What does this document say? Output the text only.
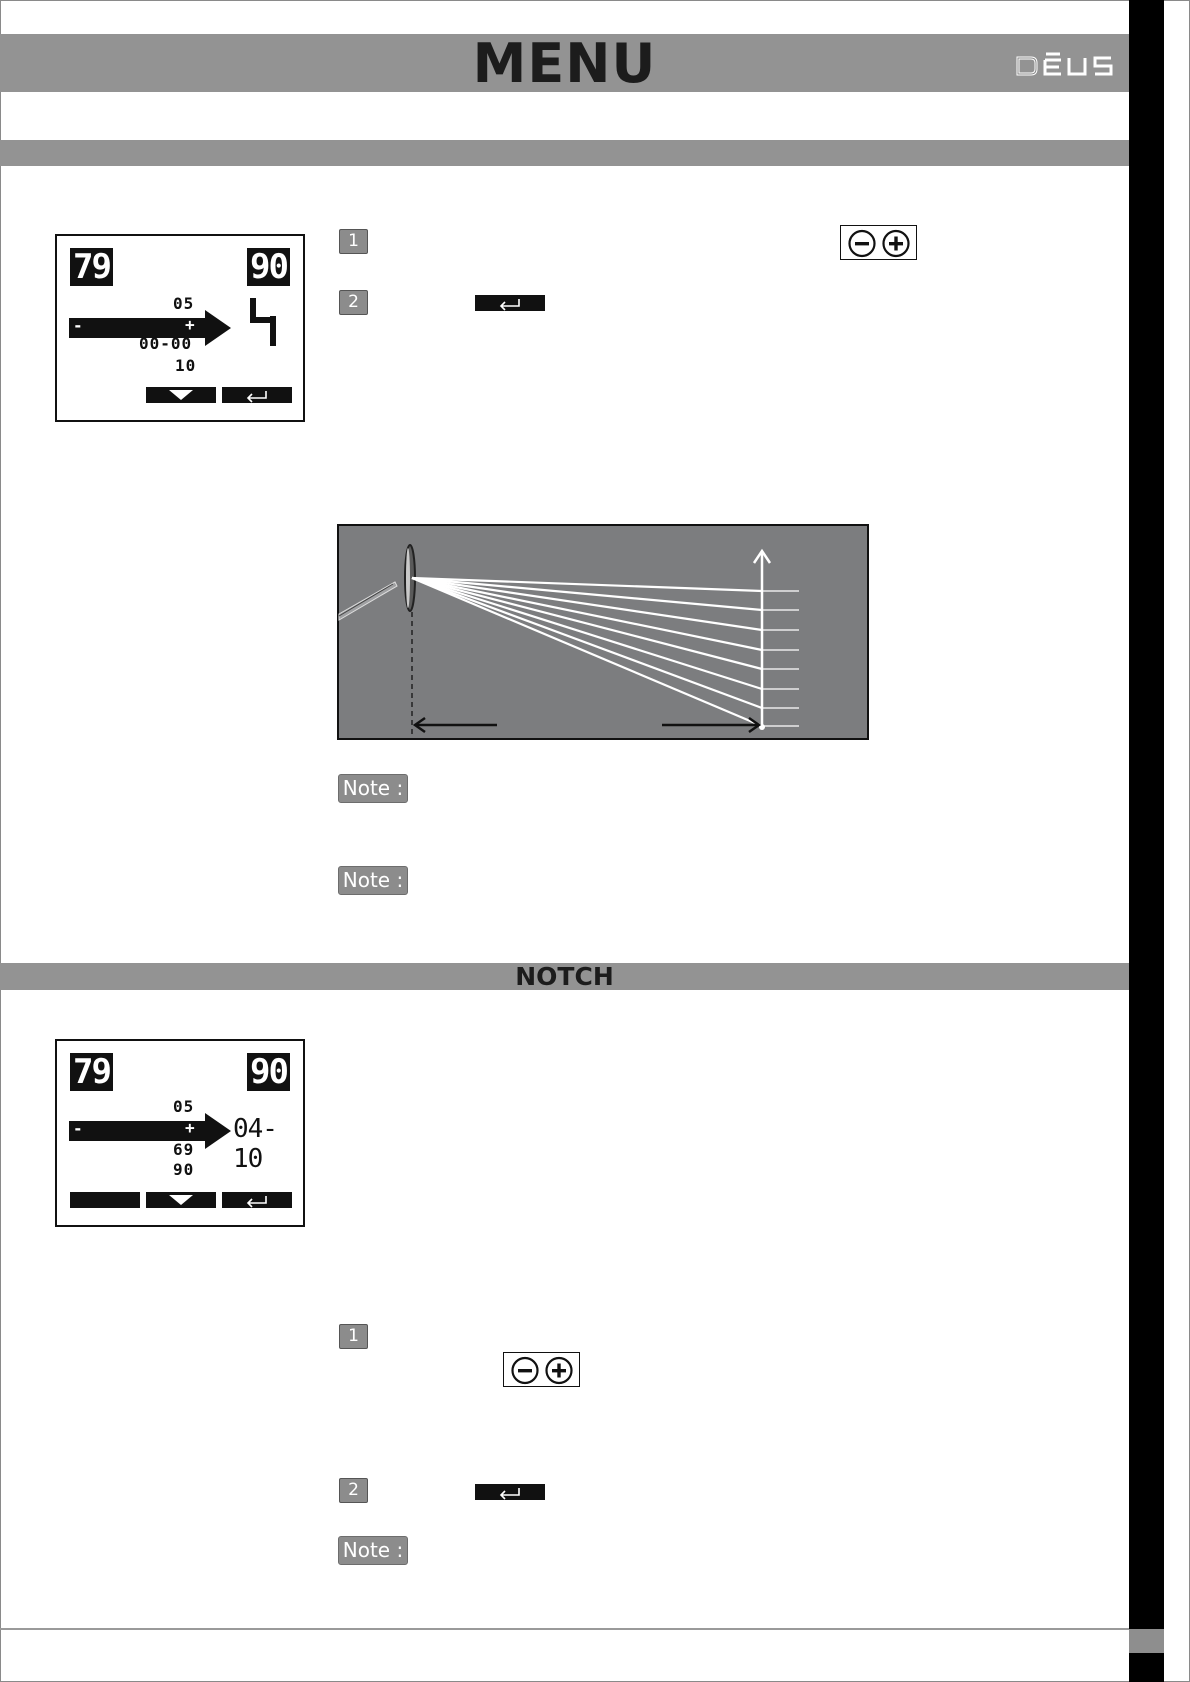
MENU
79	90
05
-	+
00-00
10
1
2
Note :
Note :
NOTCH
79	90
05
-	+
69
90
04-10
1
2
Note :
